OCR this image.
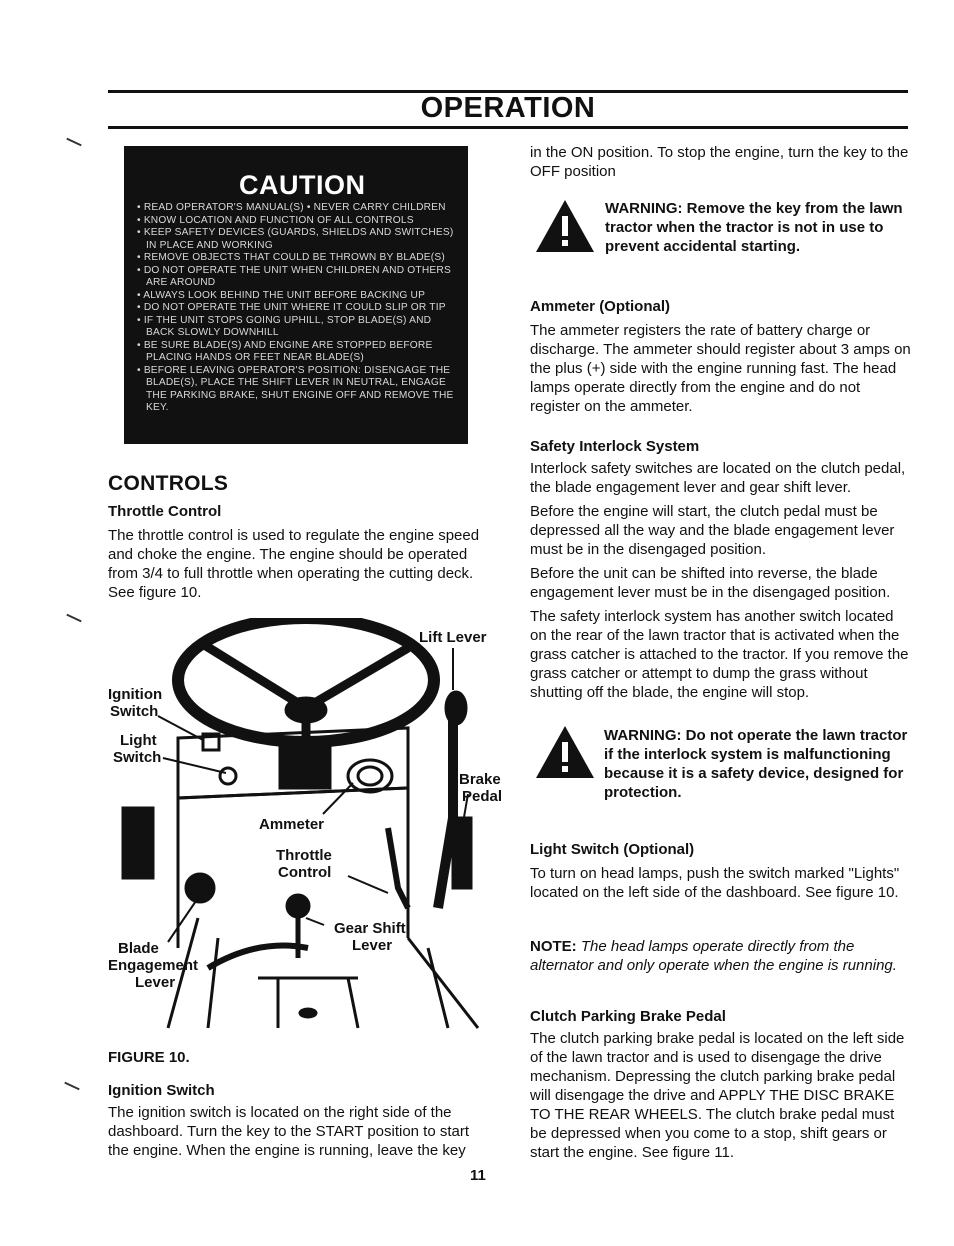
OPERATION
CAUTION
• READ OPERATOR'S MANUAL(S) • NEVER CARRY CHILDREN
• KNOW LOCATION AND FUNCTION OF ALL CONTROLS
• KEEP SAFETY DEVICES (GUARDS, SHIELDS AND SWITCHES) IN PLACE AND WORKING
• REMOVE OBJECTS THAT COULD BE THROWN BY BLADE(S)
• DO NOT OPERATE THE UNIT WHEN CHILDREN AND OTHERS ARE AROUND
• ALWAYS LOOK BEHIND THE UNIT BEFORE BACKING UP
• DO NOT OPERATE THE UNIT WHERE IT COULD SLIP OR TIP
• IF THE UNIT STOPS GOING UPHILL, STOP BLADE(S) AND BACK SLOWLY DOWNHILL
• BE SURE BLADE(S) AND ENGINE ARE STOPPED BEFORE PLACING HANDS OR FEET NEAR BLADE(S)
• BEFORE LEAVING OPERATOR'S POSITION: DISENGAGE THE BLADE(S), PLACE THE SHIFT LEVER IN NEUTRAL, ENGAGE THE PARKING BRAKE, SHUT ENGINE OFF AND REMOVE THE KEY.
CONTROLS

Throttle Control

The throttle control is used to regulate the engine speed and choke the engine. The engine should be operated from 3/4 to full throttle when operating the cutting deck. See figure 10.

Lift Lever
Ignition
Switch
Light
Switch
Brake
Pedal
Ammeter
Throttle
Control
Gear Shift
Lever
Blade
Engagement
Lever
FIGURE 10.

Ignition Switch

The ignition switch is located on the right side of the dashboard. Turn the key to the START position to start the engine. When the engine is running, leave the key

in the ON position. To stop the engine, turn the key to the OFF position
WARNING: Remove the key from the lawn tractor when the tractor is not in use to prevent accidental starting.

Ammeter (Optional)

The ammeter registers the rate of battery charge or discharge. The ammeter should register about 3 amps on the plus (+) side with the engine running fast. The head lamps operate directly from the engine and do not register on the ammeter.

Safety Interlock System

Interlock safety switches are located on the clutch pedal, the blade engagement lever and gear shift lever.

Before the engine will start, the clutch pedal must be depressed all the way and the blade engagement lever must be in the disengaged position.

Before the unit can be shifted into reverse, the blade engagement lever must be in the disengaged position.

The safety interlock system has another switch located on the rear of the lawn tractor that is activated when the grass catcher is attached to the tractor. If you remove the grass catcher or attempt to dump the grass without shutting off the blade, the engine will stop.

WARNING: Do not operate the lawn tractor if the interlock system is malfunctioning because it is a safety device, designed for protection.

Light Switch (Optional)

To turn on head lamps, push the switch marked "Lights" located on the left side of the dashboard. See figure 10.

NOTE: The head lamps operate directly from the alternator and only operate when the engine is running.

Clutch Parking Brake Pedal

The clutch parking brake pedal is located on the left side of the lawn tractor and is used to disengage the drive mechanism. Depressing the clutch parking brake pedal will disengage the drive and APPLY THE DISC BRAKE TO THE REAR WHEELS. The clutch brake pedal must be depressed when you come to a stop, shift gears or start the engine. See figure 11.

11
